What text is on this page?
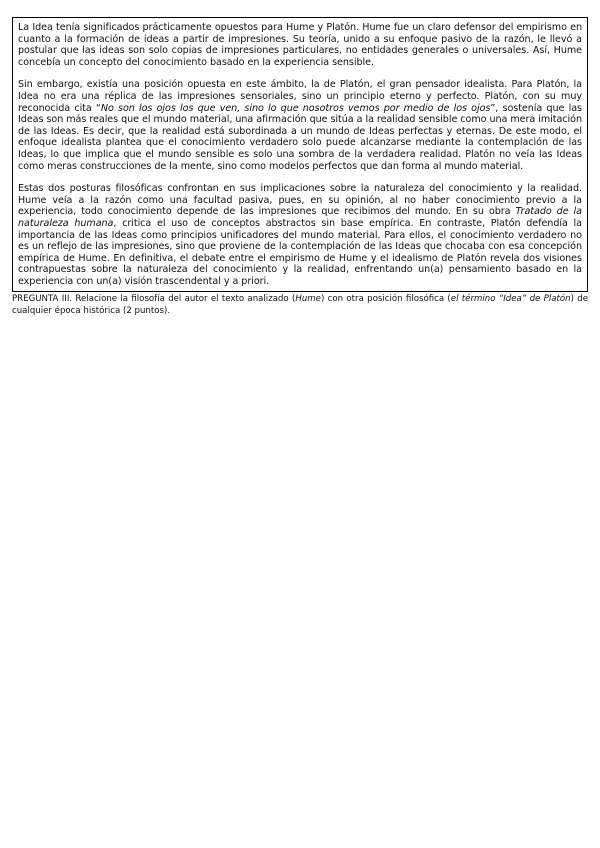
La Idea tenía significados prácticamente opuestos para Hume y Platón. Hume fue un claro defensor del empirismo en cuanto a la formación de ideas a partir de impresiones. Su teoría, unido a su enfoque pasivo de la razón, le llevó a postular que las ideas son solo copias de impresiones particulares, no entidades generales o universales. Así, Hume concebía un concepto del conocimiento basado en la experiencia sensible.

Sin embargo, existía una posición opuesta en este ámbito, la de Platón, el gran pensador idealista. Para Platón, la Idea no era una réplica de las impresiones sensoriales, sino un principio eterno y perfecto. Platón, con su muy reconocida cita “No son los ojos los que ven, sino lo que nosotros vemos por medio de los ojos”, sostenía que las Ideas son más reales que el mundo material, una afirmación que sitúa a la realidad sensible como una mera imitación de las Ideas. Es decir, que la realidad está subordinada a un mundo de Ideas perfectas y eternas. De este modo, el enfoque idealista plantea que el conocimiento verdadero solo puede alcanzarse mediante la contemplación de las Ideas, lo que implica que el mundo sensible es solo una sombra de la verdadera realidad. Platón no veía las Ideas como meras construcciones de la mente, sino como modelos perfectos que dan forma al mundo material.

Estas dos posturas filosóficas confrontan en sus implicaciones sobre la naturaleza del conocimiento y la realidad. Hume veía a la razón como una facultad pasiva, pues, en su opinión, al no haber conocimiento previo a la experiencia, todo conocimiento depende de las impresiones que recibimos del mundo. En su obra Tratado de la naturaleza humana, critica el uso de conceptos abstractos sin base empírica. En contraste, Platón defendía la importancia de las Ideas como principios unificadores del mundo material. Para ellos, el conocimiento verdadero no es un reflejo de las impresiones, sino que proviene de la contemplación de las Ideas que chocaba con esa concepción empírica de Hume. En definitiva, el debate entre el empirismo de Hume y el idealismo de Platón revela dos visiones contrapuestas sobre la naturaleza del conocimiento y la realidad, enfrentando un(a) pensamiento basado en la experiencia con un(a) visión trascendental y a priori.

PREGUNTA III. Relacione la filosofía del autor el texto analizado (Hume) con otra posición filosófica (el término “Idea” de Platón) de cualquier época histórica (2 puntos).
